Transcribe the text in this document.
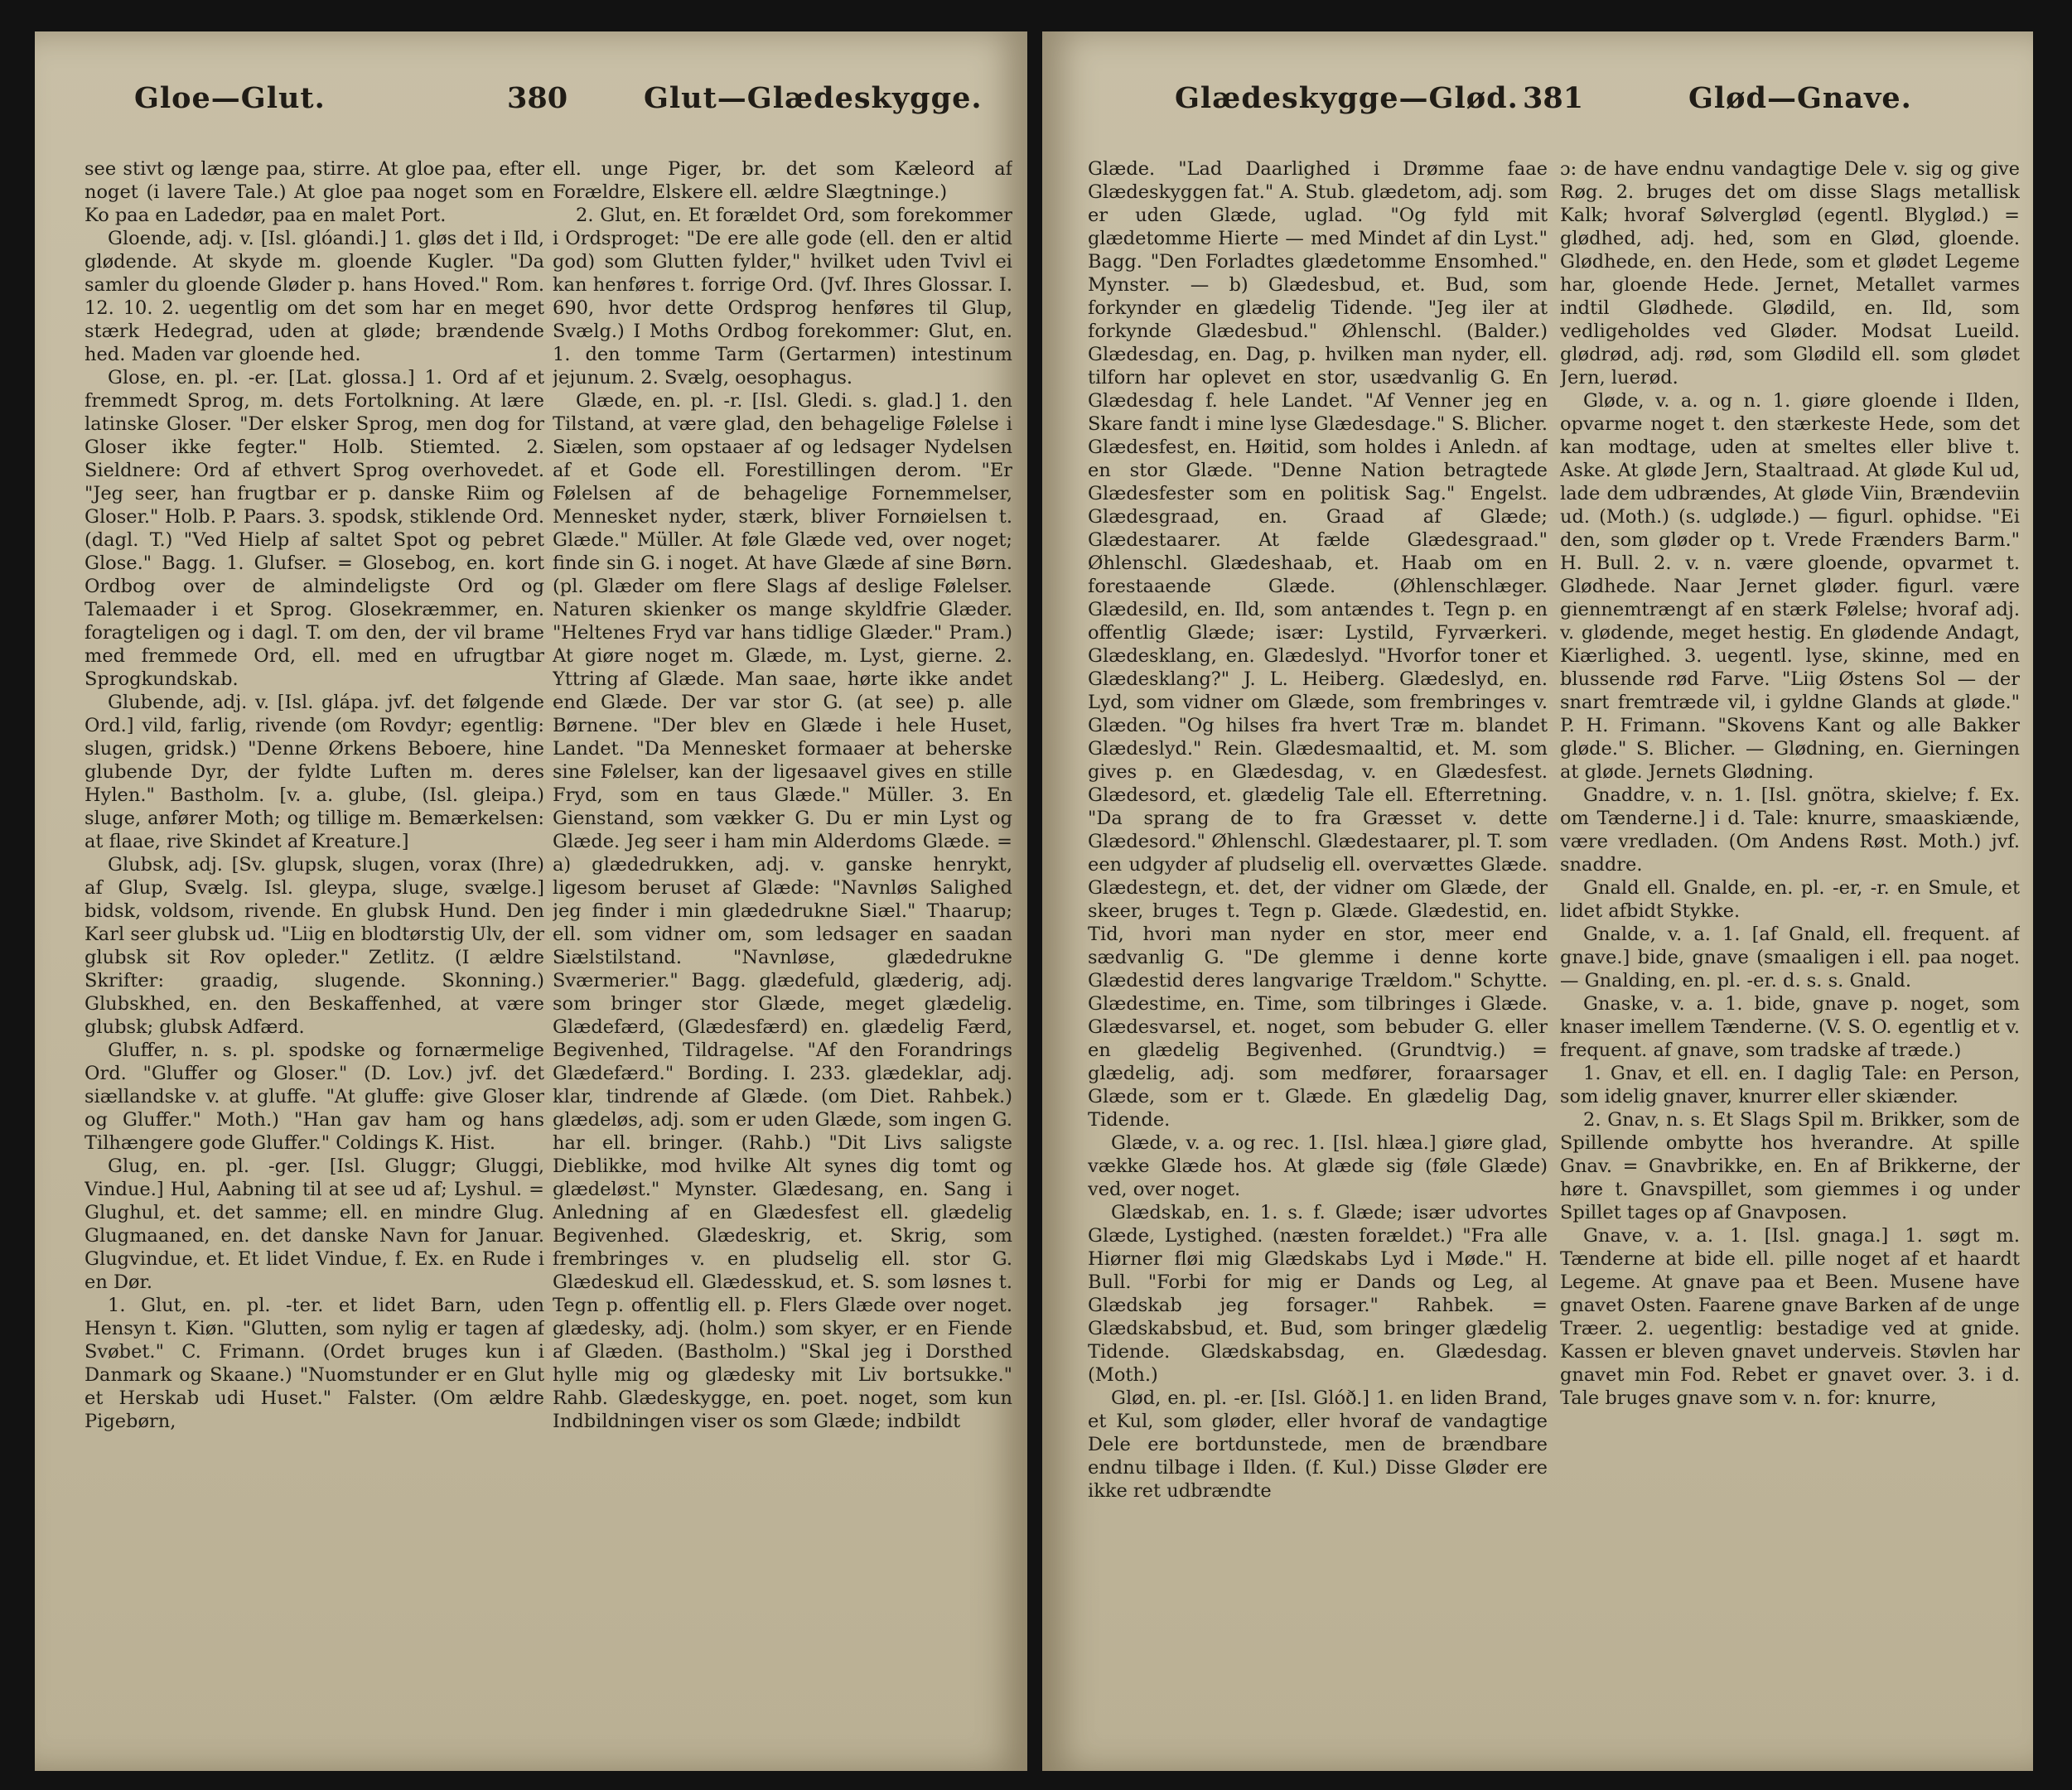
Gloe—Glut.	380	Glut—Glædeskygge.

see stivt og længe paa, stirre. At gloe paa, efter noget (i lavere Tale.) At gloe paa noget som en Ko paa en Ladedør, paa en malet Port.

Gloende, adj. v. [Isl. glóandi.] 1. gløs det i Ild, glødende. At skyde m. gloende Kugler. "Da samler du gloende Gløder p. hans Hoved." Rom. 12. 10. 2. uegentlig om det som har en meget stærk Hedegrad, uden at gløde; brændende hed. Maden var gloende hed.

Glose, en. pl. -er. [Lat. glossa.] 1. Ord af et fremmedt Sprog, m. dets Fortolkning. At lære latinske Gloser. "Der elsker Sprog, men dog for Gloser ikke fegter." Holb. Stiemted. 2. Sieldnere: Ord af ethvert Sprog overhovedet. "Jeg seer, han frugtbar er p. danske Riim og Gloser." Holb. P. Paars. 3. spodsk, stiklende Ord. (dagl. T.) "Ved Hielp af saltet Spot og pebret Glose." Bagg. 1. Glufser. = Glosebog, en. kort Ordbog over de almindeligste Ord og Talemaader i et Sprog. Glosekræmmer, en. foragteligen og i dagl. T. om den, der vil brame med fremmede Ord, ell. med en ufrugtbar Sprogkundskab.

Glubende, adj. v. [Isl. glápa. jvf. det følgende Ord.] vild, farlig, rivende (om Rovdyr; egentlig: slugen, gridsk.) "Denne Ørkens Beboere, hine glubende Dyr, der fyldte Luften m. deres Hylen." Bastholm. [v. a. glube, (Isl. gleipa.) sluge, anfører Moth; og tillige m. Bemærkelsen: at flaae, rive Skindet af Kreature.]

Glubsk, adj. [Sv. glupsk, slugen, vorax (Ihre) af Glup, Svælg. Isl. gleypa, sluge, svælge.] bidsk, voldsom, rivende. En glubsk Hund. Den Karl seer glubsk ud. "Liig en blodtørstig Ulv, der glubsk sit Rov opleder." Zetlitz. (I ældre Skrifter: graadig, slugende. Skonning.) Glubskhed, en. den Beskaffenhed, at være glubsk; glubsk Adfærd.

Gluffer, n. s. pl. spodske og fornærmelige Ord. "Gluffer og Gloser." (D. Lov.) jvf. det siællandske v. at gluffe. "At gluffe: give Gloser og Gluffer." Moth.) "Han gav ham og hans Tilhængere gode Gluffer." Coldings K. Hist.

Glug, en. pl. -ger. [Isl. Gluggr; Gluggi, Vindue.] Hul, Aabning til at see ud af; Lyshul. = Glughul, et. det samme; ell. en mindre Glug. Glugmaaned, en. det danske Navn for Januar. Glugvindue, et. Et lidet Vindue, f. Ex. en Rude i en Dør.

1. Glut, en. pl. -ter. et lidet Barn, uden Hensyn t. Kiøn. "Glutten, som nylig er tagen af Svøbet." C. Frimann. (Ordet bruges kun i Danmark og Skaane.) "Nuomstunder er en Glut et Herskab udi Huset." Falster. (Om ældre Pigebørn,

ell. unge Piger, br. det som Kæleord af Forældre, Elskere ell. ældre Slægtninge.)

2. Glut, en. Et forældet Ord, som forekommer i Ordsproget: "De ere alle gode (ell. den er altid god) som Glutten fylder," hvilket uden Tvivl ei kan henføres t. forrige Ord. (Jvf. Ihres Glossar. I. 690, hvor dette Ordsprog henføres til Glup, Svælg.) I Moths Ordbog forekommer: Glut, en. 1. den tomme Tarm (Gertarmen) intestinum jejunum. 2. Svælg, oesophagus.

Glæde, en. pl. -r. [Isl. Gledi. s. glad.] 1. den Tilstand, at være glad, den behagelige Følelse i Siælen, som opstaaer af og ledsager Nydelsen af et Gode ell. Forestillingen derom. "Er Følelsen af de behagelige Fornemmelser, Mennesket nyder, stærk, bliver Fornøielsen t. Glæde." Müller. At føle Glæde ved, over noget; finde sin G. i noget. At have Glæde af sine Børn. (pl. Glæder om flere Slags af deslige Følelser. Naturen skienker os mange skyldfrie Glæder. "Heltenes Fryd var hans tidlige Glæder." Pram.) At giøre noget m. Glæde, m. Lyst, gierne. 2. Yttring af Glæde. Man saae, hørte ikke andet end Glæde. Der var stor G. (at see) p. alle Børnene. "Der blev en Glæde i hele Huset, Landet. "Da Mennesket formaaer at beherske sine Følelser, kan der ligesaavel gives en stille Fryd, som en taus Glæde." Müller. 3. En Gienstand, som vækker G. Du er min Lyst og Glæde. Jeg seer i ham min Alderdoms Glæde. = a) glædedrukken, adj. v. ganske henrykt, ligesom beruset af Glæde: "Navnløs Salighed jeg finder i min glædedrukne Siæl." Thaarup; ell. som vidner om, som ledsager en saadan Siælstilstand. "Navnløse, glædedrukne Sværmerier." Bagg. glædefuld, glæderig, adj. som bringer stor Glæde, meget glædelig. Glædefærd, (Glædesfærd) en. glædelig Færd, Begivenhed, Tildragelse. "Af den Forandrings Glædefærd." Bording. I. 233. glædeklar, adj. klar, tindrende af Glæde. (om Diet. Rahbek.) glædeløs, adj. som er uden Glæde, som ingen G. har ell. bringer. (Rahb.) "Dit Livs saligste Dieblikke, mod hvilke Alt synes dig tomt og glædeløst." Mynster. Glædesang, en. Sang i Anledning af en Glædesfest ell. glædelig Begivenhed. Glædeskrig, et. Skrig, som frembringes v. en pludselig ell. stor G. Glædeskud ell. Glædesskud, et. S. som løsnes t. Tegn p. offentlig ell. p. Flers Glæde over noget. glædesky, adj. (holm.) som skyer, er en Fiende af Glæden. (Bastholm.) "Skal jeg i Dorsthed hylle mig og glædesky mit Liv bortsukke." Rahb. Glædeskygge, en. poet. noget, som kun Indbildningen viser os som Glæde; indbildt

Glædeskygge—Glød. 381	Glød—Gnave.

Glæde. "Lad Daarlighed i Drømme faae Glædeskyggen fat." A. Stub. glædetom, adj. som er uden Glæde, uglad. "Og fyld mit glædetomme Hierte — med Mindet af din Lyst." Bagg. "Den Forladtes glædetomme Ensomhed." Mynster. — b) Glædesbud, et. Bud, som forkynder en glædelig Tidende. "Jeg iler at forkynde Glædesbud." Øhlenschl. (Balder.) Glædesdag, en. Dag, p. hvilken man nyder, ell. tilforn har oplevet en stor, usædvanlig G. En Glædesdag f. hele Landet. "Af Venner jeg en Skare fandt i mine lyse Glædesdage." S. Blicher. Glædesfest, en. Høitid, som holdes i Anledn. af en stor Glæde. "Denne Nation betragtede Glædesfester som en politisk Sag." Engelst. Glædesgraad, en. Graad af Glæde; Glædestaarer. At fælde Glædesgraad." Øhlenschl. Glædeshaab, et. Haab om en forestaaende Glæde. (Øhlenschlæger. Glædesild, en. Ild, som antændes t. Tegn p. en offentlig Glæde; især: Lystild, Fyrværkeri. Glædesklang, en. Glædeslyd. "Hvorfor toner et Glædesklang?" J. L. Heiberg. Glædeslyd, en. Lyd, som vidner om Glæde, som frembringes v. Glæden. "Og hilses fra hvert Træ m. blandet Glædeslyd." Rein. Glædesmaaltid, et. M. som gives p. en Glædesdag, v. en Glædesfest. Glædesord, et. glædelig Tale ell. Efterretning. "Da sprang de to fra Græsset v. dette Glædesord." Øhlenschl. Glædestaarer, pl. T. som een udgyder af pludselig ell. overvættes Glæde. Glædestegn, et. det, der vidner om Glæde, der skeer, bruges t. Tegn p. Glæde. Glædestid, en. Tid, hvori man nyder en stor, meer end sædvanlig G. "De glemme i denne korte Glædestid deres langvarige Trældom." Schytte. Glædestime, en. Time, som tilbringes i Glæde. Glædesvarsel, et. noget, som bebuder G. eller en glædelig Begivenhed. (Grundtvig.) = glædelig, adj. som medfører, foraarsager Glæde, som er t. Glæde. En glædelig Dag, Tidende.

Glæde, v. a. og rec. 1. [Isl. hlæa.] giøre glad, vække Glæde hos. At glæde sig (føle Glæde) ved, over noget.

Glædskab, en. 1. s. f. Glæde; især udvortes Glæde, Lystighed. (næsten forældet.) "Fra alle Hiørner fløi mig Glædskabs Lyd i Møde." H. Bull. "Forbi for mig er Dands og Leg, al Glædskab jeg forsager." Rahbek. = Glædskabsbud, et. Bud, som bringer glædelig Tidende. Glædskabsdag, en. Glædesdag. (Moth.)

Glød, en. pl. -er. [Isl. Glóð.] 1. en liden Brand, et Kul, som gløder, eller hvoraf de vandagtige Dele ere bortdunstede, men de brændbare endnu tilbage i Ilden. (f. Kul.) Disse Gløder ere ikke ret udbrændte

ɔ: de have endnu vandagtige Dele v. sig og give Røg. 2. bruges det om disse Slags metallisk Kalk; hvoraf Sølverglød (egentl. Blyglød.) = glødhed, adj. hed, som en Glød, gloende. Glødhede, en. den Hede, som et glødet Legeme har, gloende Hede. Jernet, Metallet varmes indtil Glødhede. Glødild, en. Ild, som vedligeholdes ved Gløder. Modsat Lueild. glødrød, adj. rød, som Glødild ell. som glødet Jern, luerød.

Gløde, v. a. og n. 1. giøre gloende i Ilden, opvarme noget t. den stærkeste Hede, som det kan modtage, uden at smeltes eller blive t. Aske. At gløde Jern, Staaltraad. At gløde Kul ud, lade dem udbrændes, At gløde Viin, Brændeviin ud. (Moth.) (s. udgløde.) — figurl. ophidse. "Ei den, som gløder op t. Vrede Frænders Barm." H. Bull. 2. v. n. være gloende, opvarmet t. Glødhede. Naar Jernet gløder. figurl. være giennemtrængt af en stærk Følelse; hvoraf adj. v. glødende, meget hestig. En glødende Andagt, Kiærlighed. 3. uegentl. lyse, skinne, med en blussende rød Farve. "Liig Østens Sol — der snart fremtræde vil, i gyldne Glands at gløde." P. H. Frimann. "Skovens Kant og alle Bakker gløde." S. Blicher. — Glødning, en. Gierningen at gløde. Jernets Glødning.

Gnaddre, v. n. 1. [Isl. gnötra, skielve; f. Ex. om Tænderne.] i d. Tale: knurre, smaaskiænde, være vredladen. (Om Andens Røst. Moth.) jvf. snaddre.

Gnald ell. Gnalde, en. pl. -er, -r. en Smule, et lidet afbidt Stykke.

Gnalde, v. a. 1. [af Gnald, ell. frequent. af gnave.] bide, gnave (smaaligen i ell. paa noget. — Gnalding, en. pl. -er. d. s. s. Gnald.

Gnaske, v. a. 1. bide, gnave p. noget, som knaser imellem Tænderne. (V. S. O. egentlig et v. frequent. af gnave, som tradske af træde.)

1. Gnav, et ell. en. I daglig Tale: en Person, som idelig gnaver, knurrer eller skiænder.

2. Gnav, n. s. Et Slags Spil m. Brikker, som de Spillende ombytte hos hverandre. At spille Gnav. = Gnavbrikke, en. En af Brikkerne, der høre t. Gnavspillet, som giemmes i og under Spillet tages op af Gnavposen.

Gnave, v. a. 1. [Isl. gnaga.] 1. søgt m. Tænderne at bide ell. pille noget af et haardt Legeme. At gnave paa et Been. Musene have gnavet Osten. Faarene gnave Barken af de unge Træer. 2. uegentlig: bestadige ved at gnide. Kassen er bleven gnavet underveis. Støvlen har gnavet min Fod. Rebet er gnavet over. 3. i d. Tale bruges gnave som v. n. for: knurre,
